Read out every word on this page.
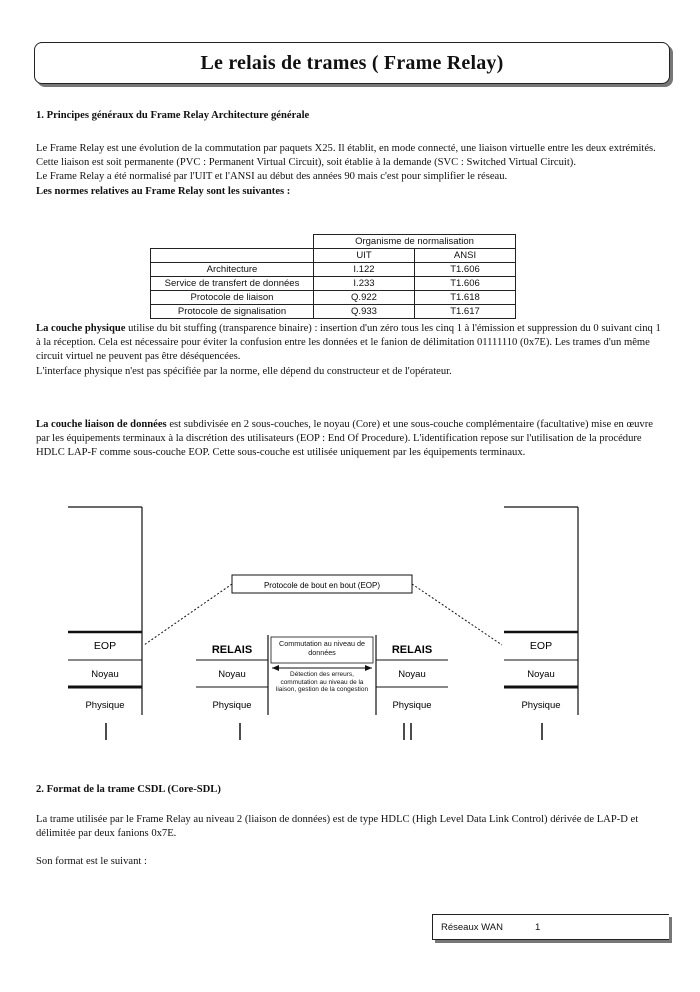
Le relais de trames ( Frame Relay)
1. Principes généraux du Frame Relay Architecture générale

Le Frame Relay est une évolution de la commutation par paquets X25. Il établit, en mode connecté, une liaison virtuelle entre les deux extrémités. Cette liaison est soit permanente (PVC : Permanent Virtual Circuit), soit établie à la demande (SVC : Switched Virtual Circuit).

Le Frame Relay a été normalisé par l'UIT et l'ANSI au début des années 90 mais c'est pour simplifier le réseau.

Les normes relatives au Frame Relay sont les suivantes :

	Organisme de normalisation	
	UIT	ANSI
Architecture	I.122	T1.606
Service de transfert de données	I.233	T1.606
Protocole de liaison	Q.922	T1.618
Protocole de signalisation	Q.933	T1.617

La couche physique utilise du bit stuffing (transparence binaire) : insertion d'un zéro tous les cinq 1 à l'émission et suppression du 0 suivant cinq 1 à la réception. Cela est nécessaire pour éviter la confusion entre les données et le fanion de délimitation 01111110 (0x7E). Les trames d'un même circuit virtuel ne peuvent pas être déséquencées.

L'interface physique n'est pas spécifiée par la norme, elle dépend du constructeur et de l'opérateur.

La couche liaison de données est subdivisée en 2 sous-couches, le noyau (Core) et une sous-couche complémentaire (facultative) mise en œuvre par les équipements terminaux à la discrétion des utilisateurs (EOP : End Of Procedure). L'identification repose sur l'utilisation de la procédure HDLC LAP-F comme sous-couche EOP. Cette sous-couche est utilisée uniquement par les équipements terminaux.

EOP
Noyau
Physique
RELAIS
Noyau
Physique
RELAIS
Noyau
Physique
EOP
Noyau
Physique
Protocole de bout en bout (EOP)
Commutation au niveau de données
Détection des erreurs, commutation au niveau de la liaison, gestion de la congestion
2. Format de la trame CSDL (Core-SDL)

La trame utilisée par le Frame Relay au niveau 2 (liaison de données) est de type HDLC (High Level Data Link Control) dérivée de LAP-D et délimitée par deux fanions 0x7E.

Son format est le suivant :

Réseaux WAN	1
